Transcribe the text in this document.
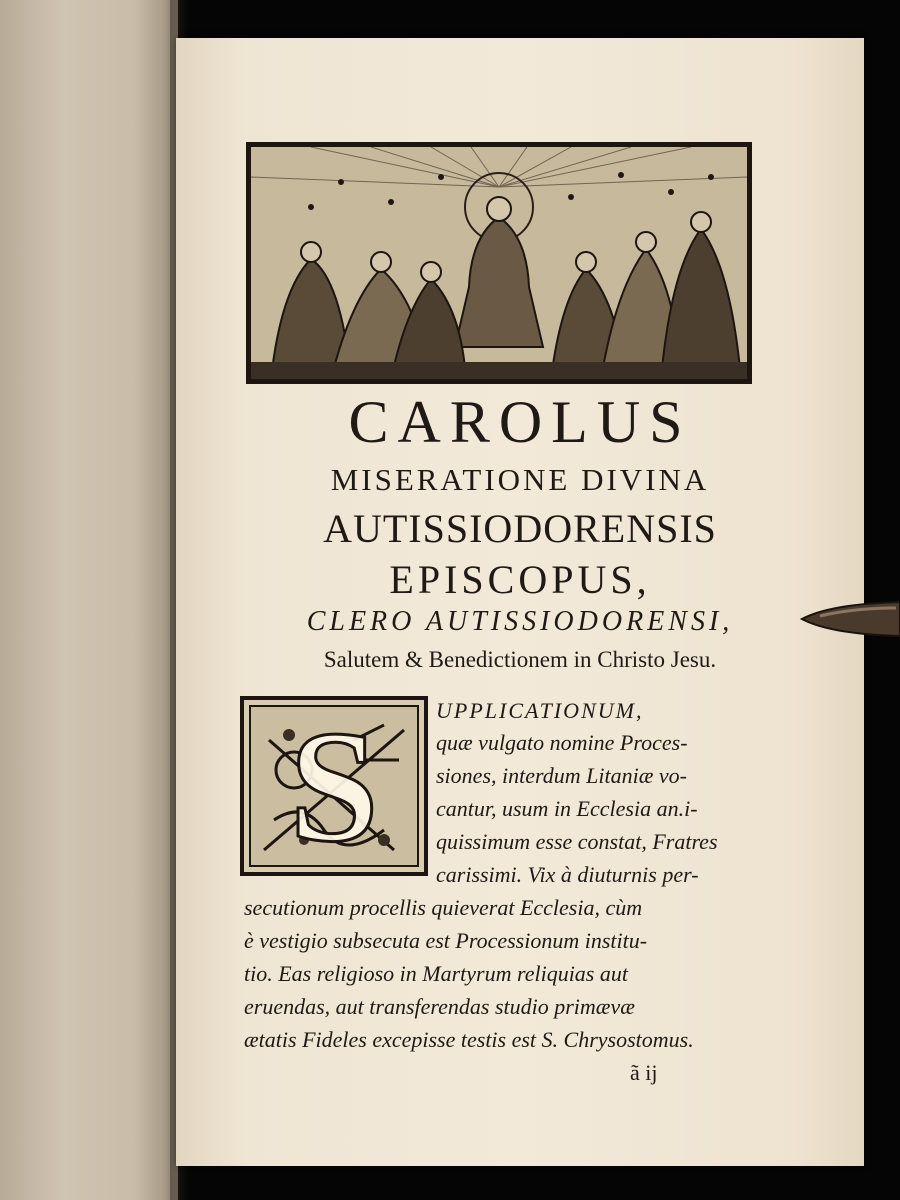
CAROLUS
MISERATIONE DIVINA
AUTISSIODORENSIS
EPISCOPUS,
CLERO AUTISSIODORENSI,
Salutem & Benedictionem in Christo Jesu.
S	UPPLICATIONUM,
quæ vulgato nomine Proces-
siones, interdum Litaniæ vo-
cantur, usum in Ecclesia an.i-
quissimum esse constat, Fratres
carissimi. Vix à diuturnis per-
secutionum procellis quieverat Ecclesia, cùm
è vestigio subsecuta est Processionum institu-
tio. Eas religioso in Martyrum reliquias aut
eruendas, aut transferendas studio primævæ
ætatis Fideles excepisse testis est S. Chrysostomus.
ã ij
